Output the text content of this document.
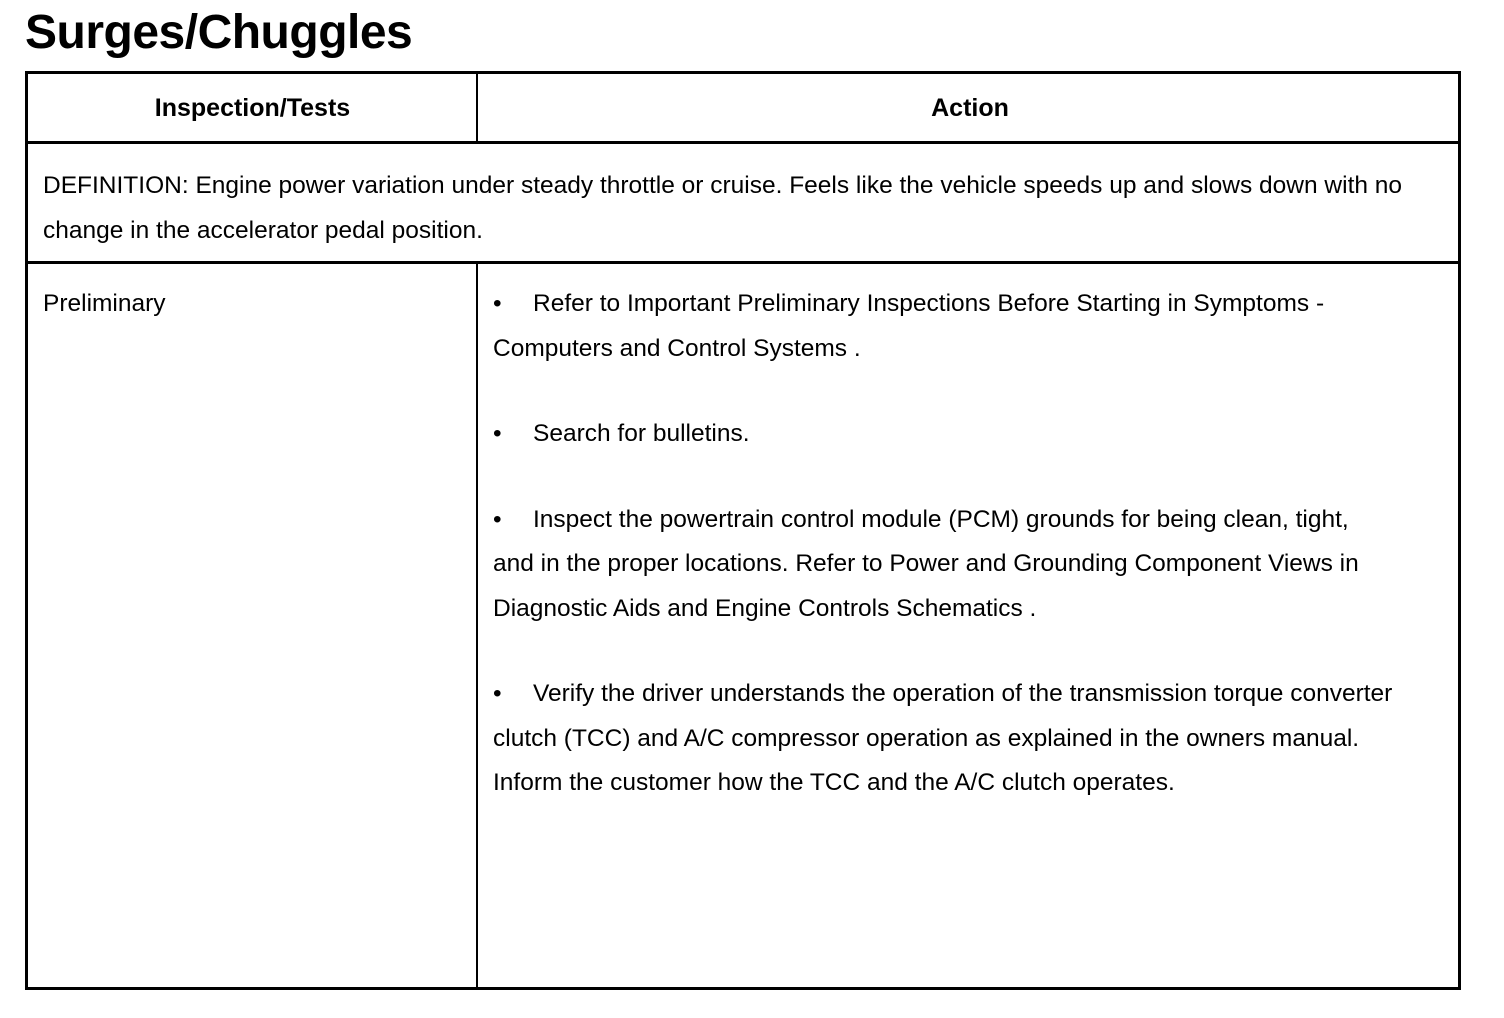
Surges/Chuggles
Inspection/Tests	Action
DEFINITION: Engine power variation under steady throttle or cruise. Feels like the vehicle speeds up and slows down with no change in the accelerator pedal position.
Preliminary	• Refer to Important Preliminary Inspections Before Starting in Symptoms - Computers and Control Systems .
• Search for bulletins.
• Inspect the powertrain control module (PCM) grounds for being clean, tight, and in the proper locations. Refer to Power and Grounding Component Views in Diagnostic Aids and Engine Controls Schematics .
• Verify the driver understands the operation of the transmission torque converter clutch (TCC) and A/C compressor operation as explained in the owners manual. Inform the customer how the TCC and the A/C clutch operates.
